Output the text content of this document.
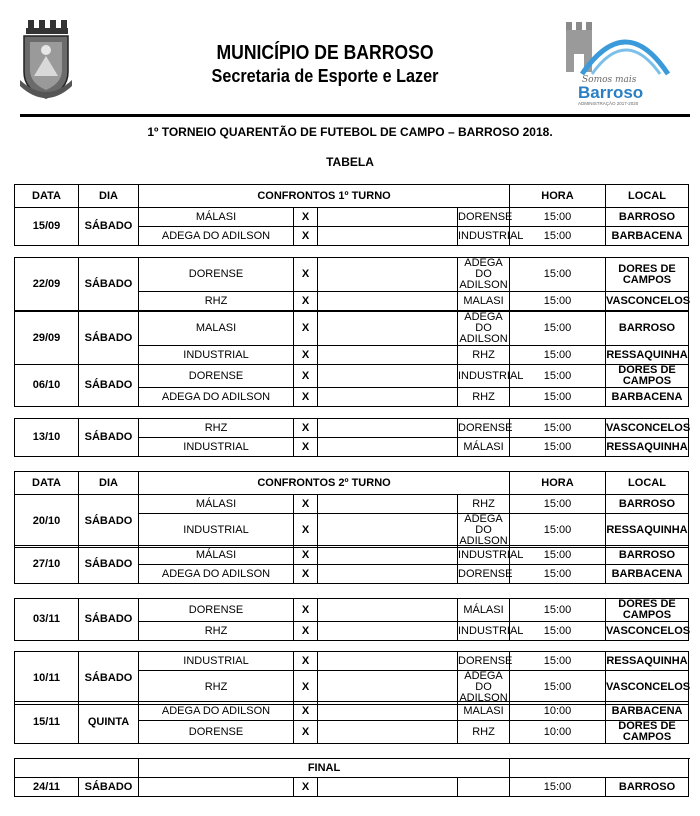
MUNICÍPIO DE BARROSO
Secretaria de Esporte e Lazer	Somos mais
Barroso
ADMINISTRAÇÃO 2017-2020
1º TORNEIO QUARENTÃO DE FUTEBOL DE CAMPO – BARROSO 2018.
TABELA
DATA	DIA	CONFRONTOS 1º TURNO				HORA	LOCAL	
15/09	SÁBADO	MÁLASI	X		DORENSE	15:00	BARROSO	
		ADEGA DO ADILSON	X		INDUSTRIAL	15:00	BARBACENA	
22/09	SÁBADO	DORENSE	X		ADEGA DO ADILSON	15:00	DORES DE CAMPOS	
		RHZ	X		MALASI	15:00	VASCONCELOS	
29/09	SÁBADO	MALASI	X		ADEGA DO ADILSON	15:00	BARROSO	
		INDUSTRIAL	X		RHZ	15:00	RESSAQUINHA	
06/10	SÁBADO	DORENSE	X		INDUSTRIAL	15:00	DORES DE CAMPOS	
		ADEGA DO ADILSON	X		RHZ	15:00	BARBACENA	
13/10	SÁBADO	RHZ	X		DORENSE	15:00	VASCONCELOS	
		INDUSTRIAL	X		MÁLASI	15:00	RESSAQUINHA	
DATA	DIA	CONFRONTOS 2º TURNO				HORA	LOCAL	
20/10	SÁBADO	MÁLASI	X		RHZ	15:00	BARROSO	
		INDUSTRIAL	X		ADEGA DO ADILSON	15:00	RESSAQUINHA	
27/10	SÁBADO	MÁLASI	X		INDUSTRIAL	15:00	BARROSO	
		ADEGA DO ADILSON	X		DORENSE	15:00	BARBACENA	
03/11	SÁBADO	DORENSE	X		MÁLASI	15:00	DORES DE CAMPOS	
		RHZ	X		INDUSTRIAL	15:00	VASCONCELOS	
10/11	SÁBADO	INDUSTRIAL	X		DORENSE	15:00	RESSAQUINHA	
		RHZ	X		ADEGA DO ADILSON	15:00	VASCONCELOS	
15/11	QUINTA	ADEGA DO ADILSON	X		MALASI	10:00	BARBACENA	
		DORENSE	X		RHZ	10:00	DORES DE CAMPOS	
		FINAL						
24/11	SÁBADO		X			15:00	BARROSO	
